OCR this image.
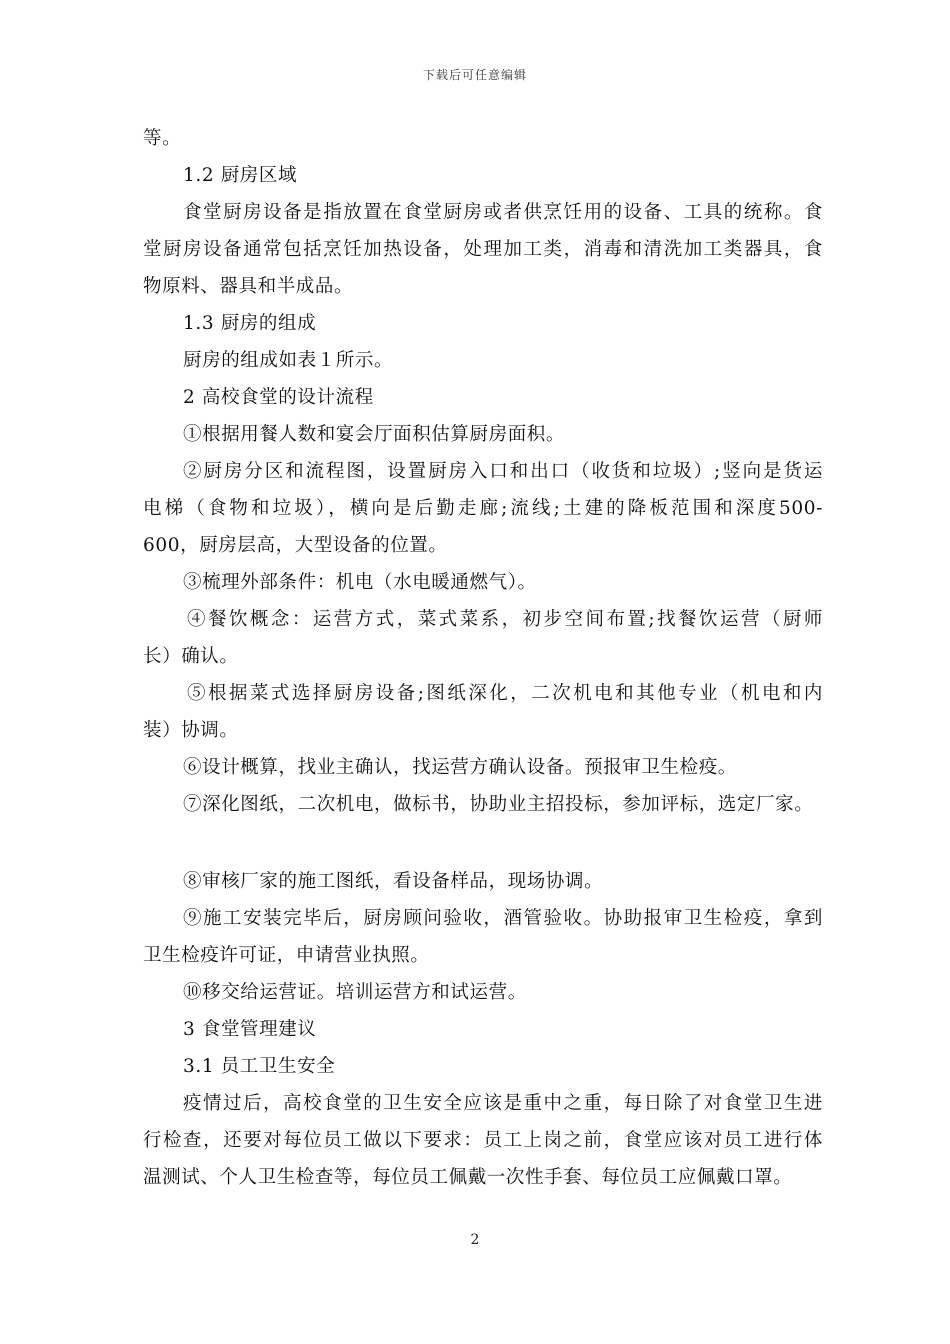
下载后可任意编辑
等。
1.2 厨房区域
食堂厨房设备是指放置在食堂厨房或者供烹饪用的设备、工具的统称。食
堂厨房设备通常包括烹饪加热设备，处理加工类，消毒和清洗加工类器具，食
物原料、器具和半成品。
1.3 厨房的组成
厨房的组成如表１所示。
2 高校食堂的设计流程
①根据用餐人数和宴会厅面积估算厨房面积。
②厨房分区和流程图，设置厨房入口和出口（收货和垃圾）;竖向是货运
电梯（食物和垃圾），横向是后勤走廊;流线;土建的降板范围和深度500-
600，厨房层高，大型设备的位置。
③梳理外部条件：机电（水电暖通燃气）。
④餐饮概念：运营方式，菜式菜系，初步空间布置;找餐饮运营（厨师
长）确认。
⑤根据菜式选择厨房设备;图纸深化，二次机电和其他专业（机电和内
装）协调。
⑥设计概算，找业主确认，找运营方确认设备。预报审卫生检疫。
⑦深化图纸，二次机电，做标书，协助业主招投标，参加评标，选定厂家。
⑧审核厂家的施工图纸，看设备样品，现场协调。
⑨施工安装完毕后，厨房顾问验收，酒管验收。协助报审卫生检疫，拿到
卫生检疫许可证，申请营业执照。
⑩移交给运营证。培训运营方和试运营。
3 食堂管理建议
3.1 员工卫生安全
疫情过后，高校食堂的卫生安全应该是重中之重，每日除了对食堂卫生进
行检查，还要对每位员工做以下要求：员工上岗之前，食堂应该对员工进行体
温测试、个人卫生检查等，每位员工佩戴一次性手套、每位员工应佩戴口罩。
2
